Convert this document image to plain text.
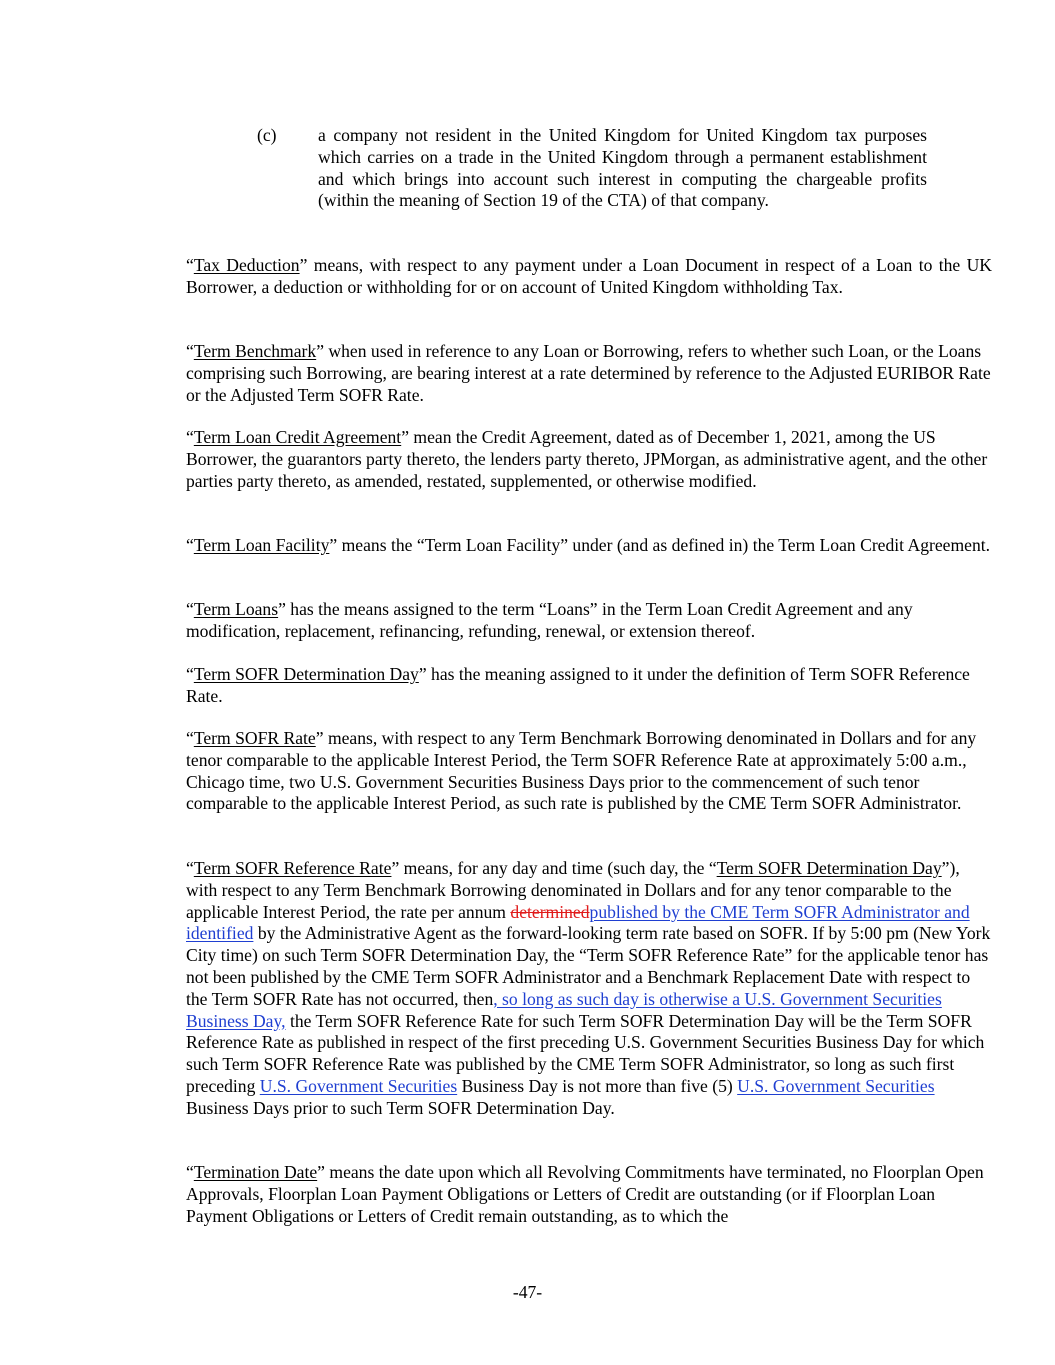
(c) a company not resident in the United Kingdom for United Kingdom tax purposes which carries on a trade in the United Kingdom through a permanent establishment and which brings into account such interest in computing the chargeable profits (within the meaning of Section 19 of the CTA) of that company.

“Tax Deduction” means, with respect to any payment under a Loan Document in respect of a Loan to the UK Borrower, a deduction or withholding for or on account of United Kingdom withholding Tax.

“Term Benchmark” when used in reference to any Loan or Borrowing, refers to whether such Loan, or the Loans comprising such Borrowing, are bearing interest at a rate determined by reference to the Adjusted EURIBOR Rate or the Adjusted Term SOFR Rate.

“Term Loan Credit Agreement” mean the Credit Agreement, dated as of December 1, 2021, among the US Borrower, the guarantors party thereto, the lenders party thereto, JPMorgan, as administrative agent, and the other parties party thereto, as amended, restated, supplemented, or otherwise modified.

“Term Loan Facility” means the “Term Loan Facility” under (and as defined in) the Term Loan Credit Agreement.

“Term Loans” has the means assigned to the term “Loans” in the Term Loan Credit Agreement and any modification, replacement, refinancing, refunding, renewal, or extension thereof.

“Term SOFR Determination Day” has the meaning assigned to it under the definition of Term SOFR Reference Rate.

“Term SOFR Rate” means, with respect to any Term Benchmark Borrowing denominated in Dollars and for any tenor comparable to the applicable Interest Period, the Term SOFR Reference Rate at approximately 5:00 a.m., Chicago time, two U.S. Government Securities Business Days prior to the commencement of such tenor comparable to the applicable Interest Period, as such rate is published by the CME Term SOFR Administrator.

“Term SOFR Reference Rate” means, for any day and time (such day, the “Term SOFR Determination Day”), with respect to any Term Benchmark Borrowing denominated in Dollars and for any tenor comparable to the applicable Interest Period, the rate per annum determinedpublished by the CME Term SOFR Administrator and identified by the Administrative Agent as the forward-looking term rate based on SOFR. If by 5:00 pm (New York City time) on such Term SOFR Determination Day, the “Term SOFR Reference Rate” for the applicable tenor has not been published by the CME Term SOFR Administrator and a Benchmark Replacement Date with respect to the Term SOFR Rate has not occurred, then, so long as such day is otherwise a U.S. Government Securities Business Day, the Term SOFR Reference Rate for such Term SOFR Determination Day will be the Term SOFR Reference Rate as published in respect of the first preceding U.S. Government Securities Business Day for which such Term SOFR Reference Rate was published by the CME Term SOFR Administrator, so long as such first preceding U.S. Government Securities Business Day is not more than five (5) U.S. Government Securities Business Days prior to such Term SOFR Determination Day.

“Termination Date” means the date upon which all Revolving Commitments have terminated, no Floorplan Open Approvals, Floorplan Loan Payment Obligations or Letters of Credit are outstanding (or if Floorplan Loan Payment Obligations or Letters of Credit remain outstanding, as to which the

-47-
